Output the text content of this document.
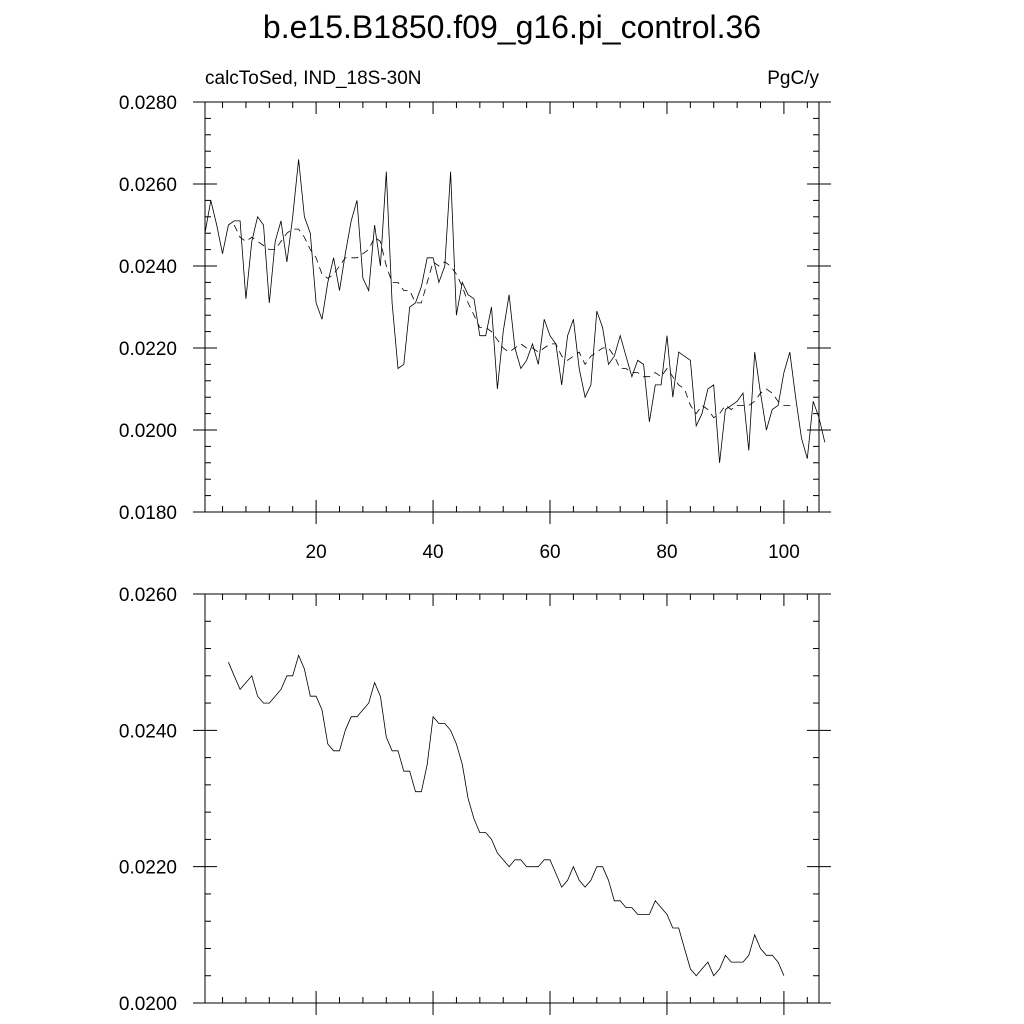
b.e15.B1850.f09_g16.pi_control.36
calcToSed, IND_18S-30N	PgC/y
20	40	60	80	100
0.0180
0.0200
0.0220
0.0240
0.0260
0.0280
0.0200
0.0220
0.0240
0.0260
